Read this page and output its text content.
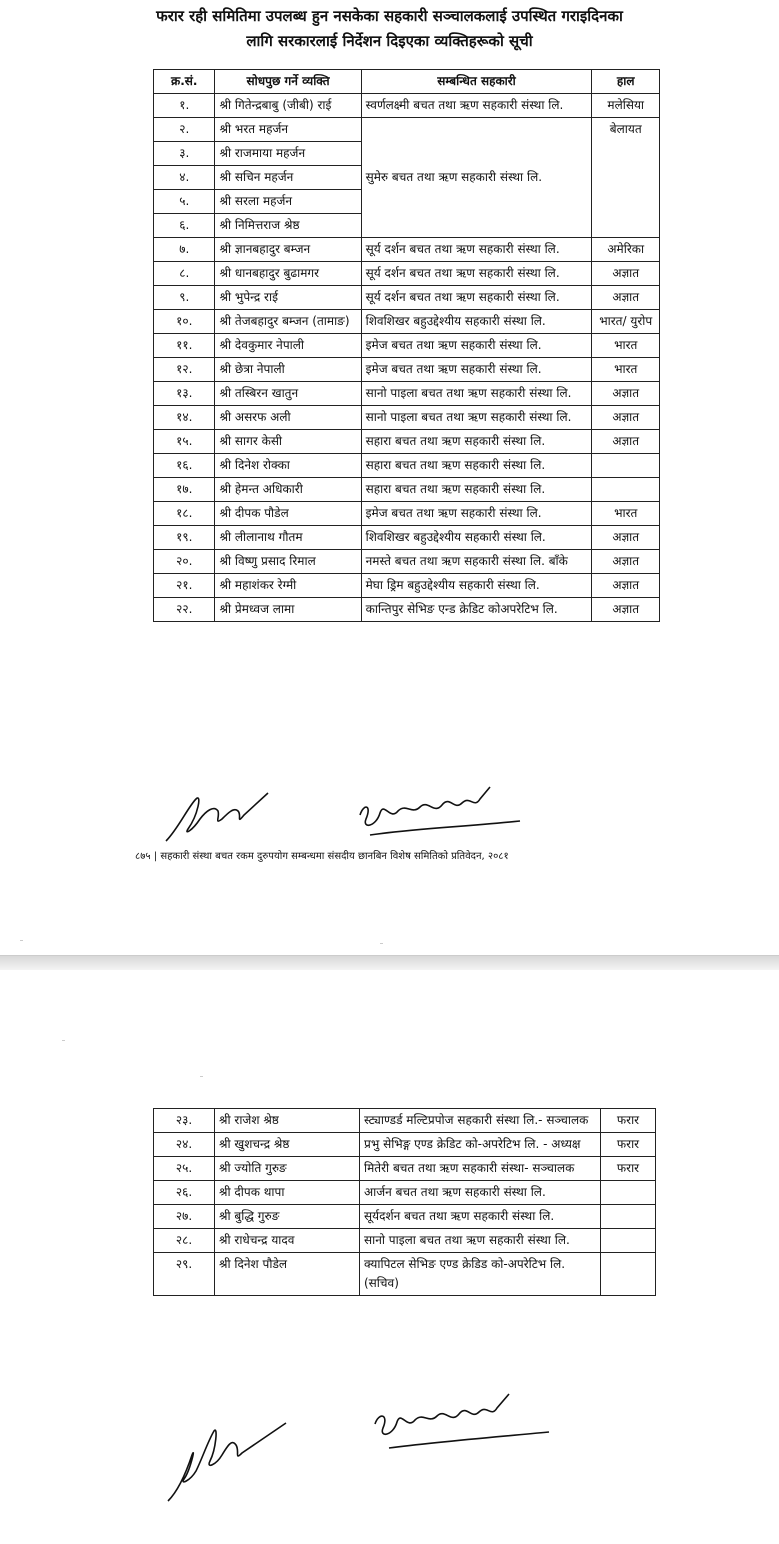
फरार रही समितिमा उपलब्ध हुन नसकेका सहकारी सञ्चालकलाई उपस्थित गराइदिनका
लागि सरकारलाई निर्देशन दिइएका व्यक्तिहरूको सूची
क्र.सं.	सोधपुछ गर्ने व्यक्ति	सम्बन्धित सहकारी	हाल
१.	श्री गितेन्द्रबाबु (जीबी) राई	स्वर्णलक्ष्मी बचत तथा ऋण सहकारी संस्था लि.	मलेसिया
२.	श्री भरत महर्जन	सुमेरु बचत तथा ऋण सहकारी संस्था लि.	बेलायत
३.	श्री राजमाया महर्जन		
४.	श्री सचिन महर्जन		
५.	श्री सरला महर्जन		
६.	श्री निमित्तराज श्रेष्ठ		
७.	श्री ज्ञानबहादुर बम्जन	सूर्य दर्शन बचत तथा ऋण सहकारी संस्था लि.	अमेरिका
८.	श्री धानबहादुर बुढामगर	सूर्य दर्शन बचत तथा ऋण सहकारी संस्था लि.	अज्ञात
९.	श्री भुपेन्द्र राई	सूर्य दर्शन बचत तथा ऋण सहकारी संस्था लि.	अज्ञात
१०.	श्री तेजबहादुर बम्जन (तामाङ)	शिवशिखर बहुउद्देश्यीय सहकारी संस्था लि.	भारत/ युरोप
११.	श्री देवकुमार नेपाली	इमेज बचत तथा ऋण सहकारी संस्था लि.	भारत
१२.	श्री छेत्रा नेपाली	इमेज बचत तथा ऋण सहकारी संस्था लि.	भारत
१३.	श्री तस्बिरन खातुन	सानो पाइला बचत तथा ऋण सहकारी संस्था लि.	अज्ञात
१४.	श्री असरफ अली	सानो पाइला बचत तथा ऋण सहकारी संस्था लि.	अज्ञात
१५.	श्री सागर केसी	सहारा बचत तथा ऋण सहकारी संस्था लि.	अज्ञात
१६.	श्री दिनेश रोक्का	सहारा बचत तथा ऋण सहकारी संस्था लि.	
१७.	श्री हेमन्त अधिकारी	सहारा बचत तथा ऋण सहकारी संस्था लि.	
१८.	श्री दीपक पौडेल	इमेज बचत तथा ऋण सहकारी संस्था लि.	भारत
१९.	श्री लीलानाथ गौतम	शिवशिखर बहुउद्देश्यीय सहकारी संस्था लि.	अज्ञात
२०.	श्री विष्णु प्रसाद रिमाल	नमस्ते बचत तथा ऋण सहकारी संस्था लि. बाँके	अज्ञात
२१.	श्री महाशंकर रेग्मी	मेघा ड्रिम बहुउद्देश्यीय सहकारी संस्था लि.	अज्ञात
२२.	श्री प्रेमध्वज लामा	कान्तिपुर सेभिङ एन्ड क्रेडिट कोअपरेटिभ लि.	अज्ञात
८७५ | सहकारी संस्था बचत रकम दुरुपयोग सम्बन्धमा संसदीय छानबिन विशेष समितिको प्रतिवेदन, २०८१
२३.	श्री राजेश श्रेष्ठ	स्ट्याण्डर्ड मल्टिप्रपोज सहकारी संस्था लि.- सञ्चालक	फरार
२४.	श्री खुशचन्द्र श्रेष्ठ	प्रभु सेभिङ्ग एण्ड क्रेडिट को-अपरेटिभ लि. - अध्यक्ष	फरार
२५.	श्री ज्योति गुरुङ	मितेरी बचत तथा ऋण सहकारी संस्था- सञ्चालक	फरार
२६.	श्री दीपक थापा	आर्जन बचत तथा ऋण सहकारी संस्था लि.	
२७.	श्री बुद्धि गुरुङ	सूर्यदर्शन बचत तथा ऋण सहकारी संस्था लि.	
२८.	श्री राधेचन्द्र यादव	सानो पाइला बचत तथा ऋण सहकारी संस्था लि.	
२९.	श्री दिनेश पौडेल	क्यापिटल सेभिङ एण्ड क्रेडिड को-अपरेटिभ लि. (सचिव)	
